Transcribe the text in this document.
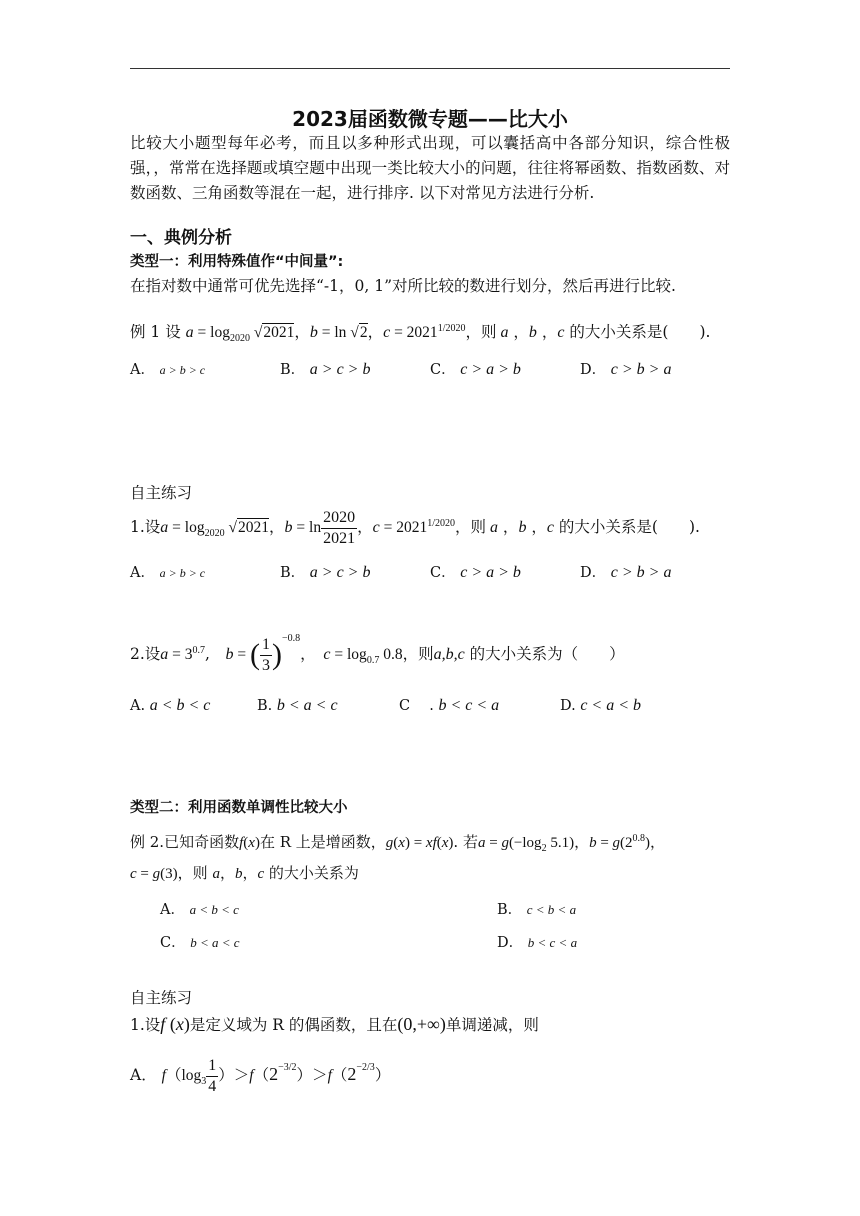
2023届函数微专题——比大小
比较大小题型每年必考，而且以多种形式出现，可以囊括高中各部分知识，综合性极强，，常常在选择题或填空题中出现一类比较大小的问题，往往将幂函数、指数函数、对数函数、三角函数等混在一起，进行排序. 以下对常见方法进行分析.
一、典例分析
类型一：利用特殊值作“中间量”:
在指对数中通常可优先选择“-1，0, 1”对所比较的数进行划分，然后再进行比较.
例 1 设 $a = \log_{2020} √2021$，b = ln √2，$c = 2021^{1/2020}$，则 a ，b ，c 的大小关系是(　　).
A． a > b > c	B． a > c > b	C． c > a > b	D． c > b > a
自主练习
1.设$a = \log_{2020} √2021$，$b = \ln \frac{2020}{2021}$ ，$c = 2021^{1/2020}$，则 a ，b ，c 的大小关系是(　　).
A． a > b > c	B． a > c > b	C． c > a > b	D． c > b > a
2.设$a = 3^{0.7}$,　b = ( $\frac{1}{3} )^{-0.8}$，　$c = \log_{0.7} 0.8$，则a,b,c 的大小关系为（　　）
A. a < b < c	B. b < a < c	C　 . b < c < a	D. c < a < b
类型二：利用函数单调性比较大小
例 2.已知奇函数f(x)在 R 上是增函数，g(x) = xf(x). 若$a = g(-\log_2$ 5.1)，$b = g(2^{0.8})$，
c = g(3)，则 a，b，c 的大小关系为
A． a < b < c	B． c < b < a
C． b < a < c	D． b < c < a
自主练习
1.设f (x)是定义域为 R 的偶函数，且在(0,+∞)单调递减，则
A． $f(\log_3 \frac{1}{4} )>f(2^{-3/2})>f(2^{-2/3})$
